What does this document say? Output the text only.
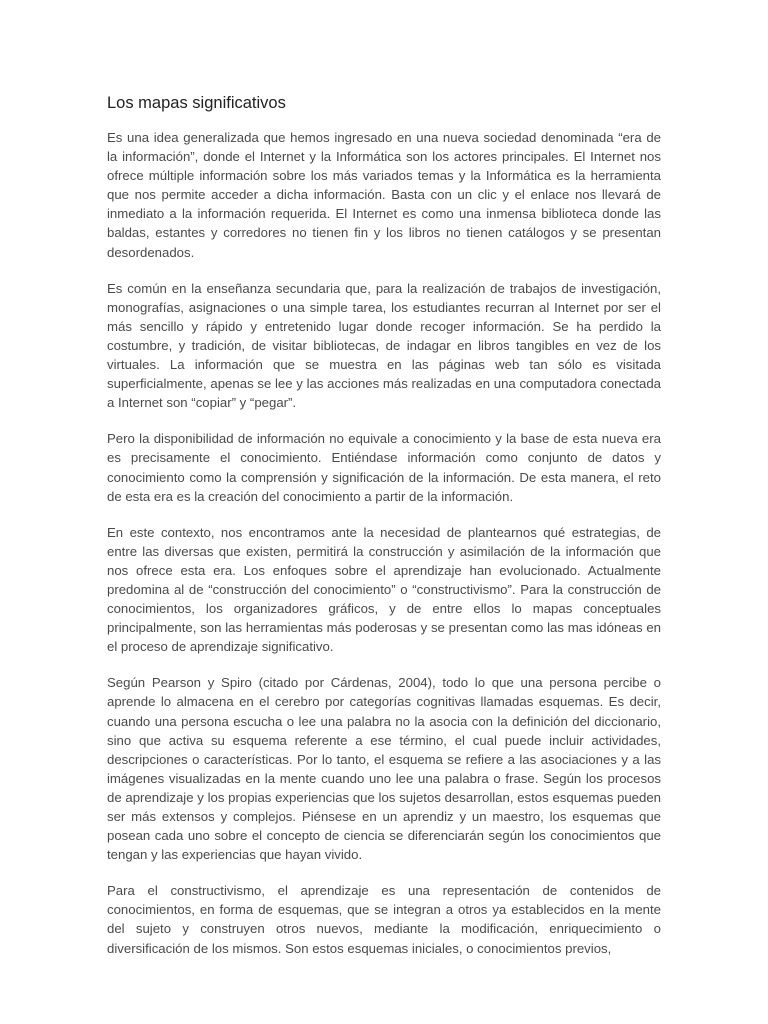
Los mapas significativos

Es una idea generalizada que hemos ingresado en una nueva sociedad denominada “era de la información”, donde el Internet y la Informática son los actores principales. El Internet nos ofrece múltiple información sobre los más variados temas y la Informática es la herramienta que nos permite acceder a dicha información. Basta con un clic y el enlace nos llevará de inmediato a la información requerida. El Internet es como una inmensa biblioteca donde las baldas, estantes y corredores no tienen fin y los libros no tienen catálogos y se presentan desordenados.

Es común en la enseñanza secundaria que, para la realización de trabajos de investigación, monografías, asignaciones o una simple tarea, los estudiantes recurran al Internet por ser el más sencillo y rápido y entretenido lugar donde recoger información. Se ha perdido la costumbre, y tradición, de visitar bibliotecas, de indagar en libros tangibles en vez de los virtuales. La información que se muestra en las páginas web tan sólo es visitada superficialmente, apenas se lee y las acciones más realizadas en una computadora conectada a Internet son “copiar” y “pegar”.

Pero la disponibilidad de información no equivale a conocimiento y la base de esta nueva era es precisamente el conocimiento. Entiéndase información como conjunto de datos y conocimiento como la comprensión y significación de la información. De esta manera, el reto de esta era es la creación del conocimiento a partir de la información.

En este contexto, nos encontramos ante la necesidad de plantearnos qué estrategias, de entre las diversas que existen, permitirá la construcción y asimilación de la información que nos ofrece esta era. Los enfoques sobre el aprendizaje han evolucionado. Actualmente predomina al de “construcción del conocimiento” o “constructivismo”. Para la construcción de conocimientos, los organizadores gráficos, y de entre ellos lo mapas conceptuales principalmente, son las herramientas más poderosas y se presentan como las mas idóneas en el proceso de aprendizaje significativo.

Según Pearson y Spiro (citado por Cárdenas, 2004), todo lo que una persona percibe o aprende lo almacena en el cerebro por categorías cognitivas llamadas esquemas. Es decir, cuando una persona escucha o lee una palabra no la asocia con la definición del diccionario, sino que activa su esquema referente a ese término, el cual puede incluir actividades, descripciones o características. Por lo tanto, el esquema se refiere a las asociaciones y a las imágenes visualizadas en la mente cuando uno lee una palabra o frase. Según los procesos de aprendizaje y los propias experiencias que los sujetos desarrollan, estos esquemas pueden ser más extensos y complejos. Piénsese en un aprendiz y un maestro, los esquemas que posean cada uno sobre el concepto de ciencia se diferenciarán según los conocimientos que tengan y las experiencias que hayan vivido.

Para el constructivismo, el aprendizaje es una representación de contenidos de conocimientos, en forma de esquemas, que se integran a otros ya establecidos en la mente del sujeto y construyen otros nuevos, mediante la modificación, enriquecimiento o diversificación de los mismos. Son estos esquemas iniciales, o conocimientos previos,
